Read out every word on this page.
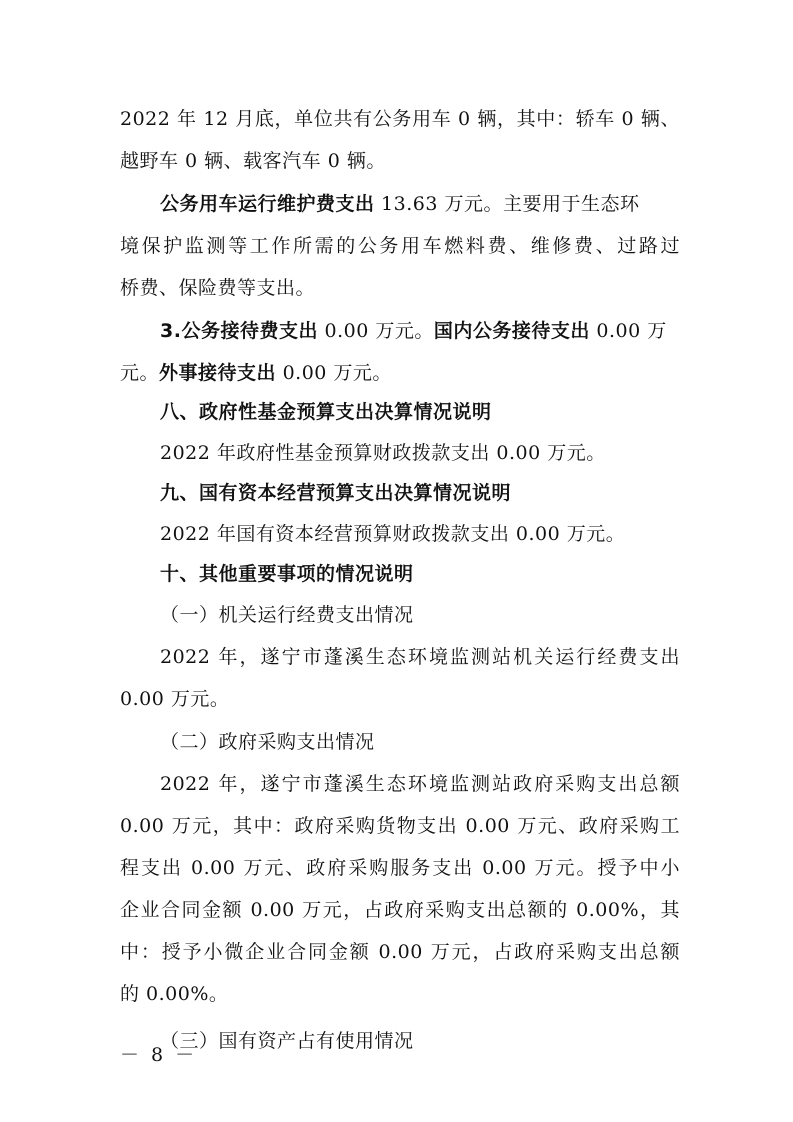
2022 年 12 月底，单位共有公务用车 0 辆，其中：轿车 0 辆、
越野车 0 辆、载客汽车 0 辆。
公务用车运行维护费支出 13.63 万元。主要用于生态环
境保护监测等工作所需的公务用车燃料费、维修费、过路过
桥费、保险费等支出。
3.公务接待费支出 0.00 万元。国内公务接待支出 0.00 万
元。外事接待支出 0.00 万元。
八、政府性基金预算支出决算情况说明
2022 年政府性基金预算财政拨款支出 0.00 万元。
九、国有资本经营预算支出决算情况说明
2022 年国有资本经营预算财政拨款支出 0.00 万元。
十、其他重要事项的情况说明
（一）机关运行经费支出情况
2022 年，遂宁市蓬溪生态环境监测站机关运行经费支出
0.00 万元。
（二）政府采购支出情况
2022 年，遂宁市蓬溪生态环境监测站政府采购支出总额
0.00 万元，其中：政府采购货物支出 0.00 万元、政府采购工
程支出 0.00 万元、政府采购服务支出 0.00 万元。授予中小
企业合同金额 0.00 万元，占政府采购支出总额的 0.00%，其
中：授予小微企业合同金额 0.00 万元，占政府采购支出总额
的 0.00%。
（三）国有资产占有使用情况
－ 8 －
